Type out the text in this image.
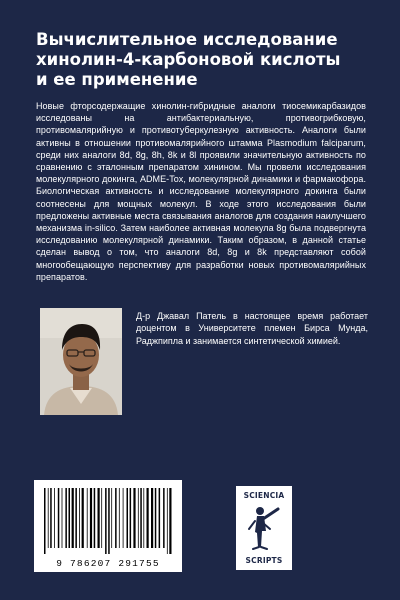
Вычислительное исследование
хинолин-4-карбоновой кислоты
и ее применение

Новые фторсодержащие хинолин-гибридные аналоги тиосемикарбазидов исследованы на антибактериальную, противогрибковую, противомалярийную и противотуберкулезную активность. Аналоги были активны в отношении противомалярийного штамма Plasmodium falciparum, среди них аналоги 8d, 8g, 8h, 8k и 8l проявили значительную активность по сравнению с эталонным препаратом хинином. Мы провели исследования молекулярного докинга, ADME-Tox, молекулярной динамики и фармакофора. Биологическая активность и исследование молекулярного докинга были соотнесены для мощных молекул. В ходе этого исследования были предложены активные места связывания аналогов для создания наилучшего механизма in-silico. Затем наиболее активная молекула 8g была подвергнута исследованию молекулярной динамики. Таким образом, в данной статье сделан вывод о том, что аналоги 8d, 8g и 8k представляют собой многообещающую перспективу для разработки новых противомалярийных препаратов.

Д-р Джавал Патель в настоящее время работает доцентом в Университете племен Бирса Мунда, Раджпипла и занимается синтетической химией.

9 786207 291755
SCIENCIA
SCRIPTS
